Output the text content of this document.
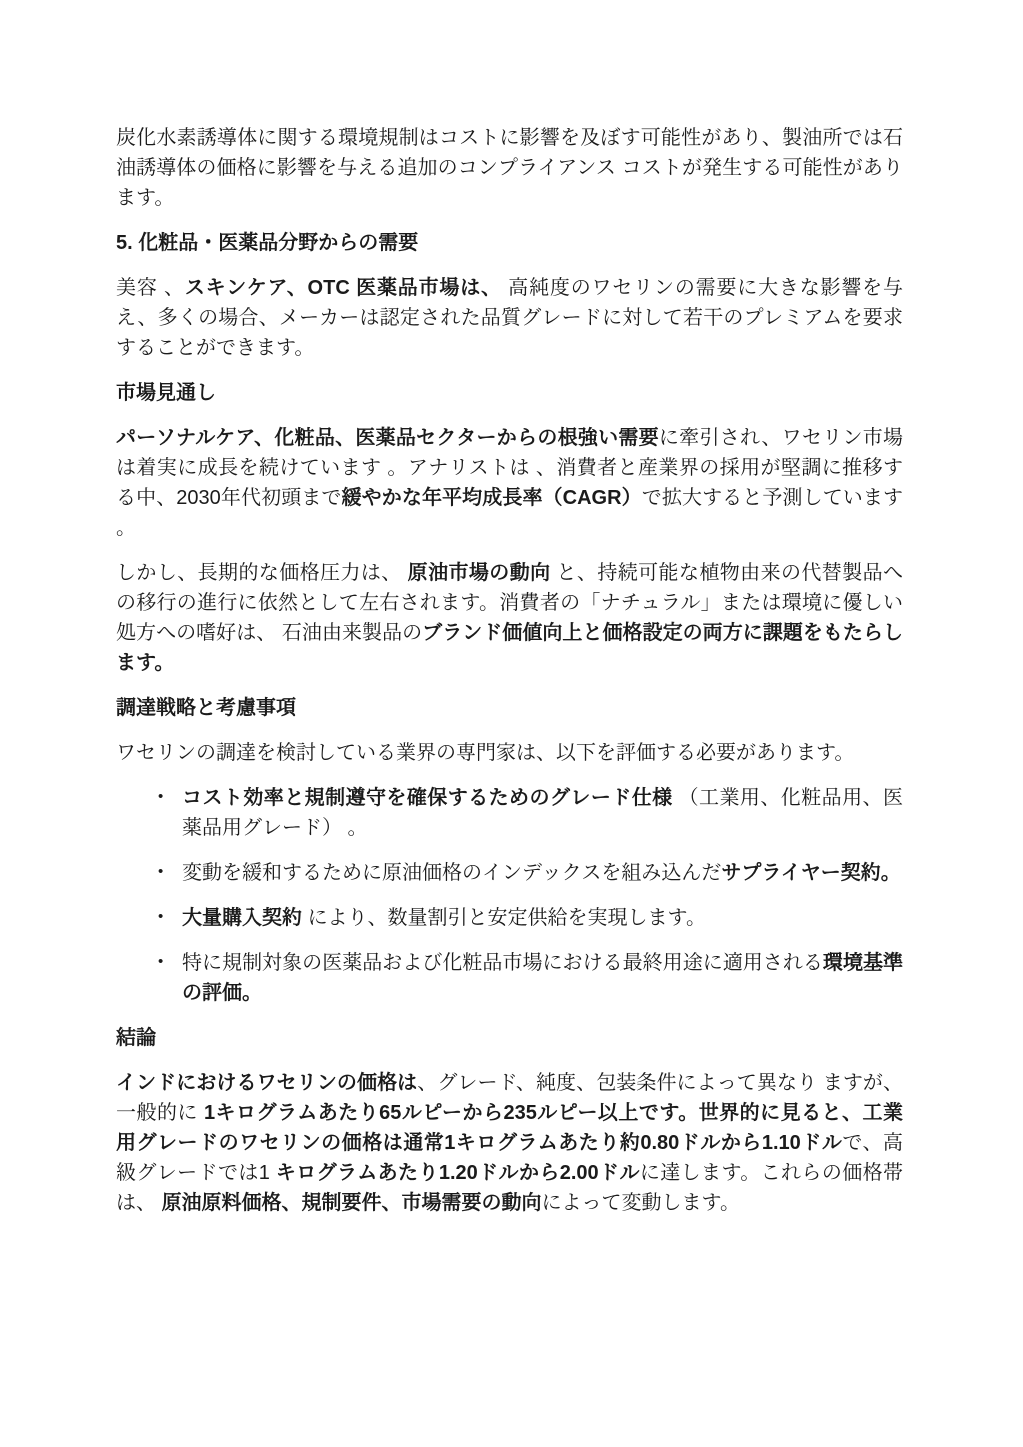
炭化水素誘導体に関する環境規制はコストに影響を及ぼす可能性があり、製油所では石油誘導体の価格に影響を与える追加のコンプライアンス コストが発生する可能性があります。
5. 化粧品・医薬品分野からの需要
美容 、スキンケア、OTC 医薬品市場は、 高純度のワセリンの需要に大きな影響を与え、多くの場合、メーカーは認定された品質グレードに対して若干のプレミアムを要求することができます。
市場見通し
パーソナルケア、化粧品、医薬品セクターからの根強い需要に牽引され、ワセリン市場は着実に成長を続けています 。アナリストは 、消費者と産業界の採用が堅調に推移する中、2030年代初頭まで緩やかな年平均成長率（CAGR）で拡大すると予測しています 。
しかし、長期的な価格圧力は、 原油市場の動向 と、持続可能な植物由来の代替製品への移行の進行に依然として左右されます。消費者の「ナチュラル」または環境に優しい処方への嗜好は、 石油由来製品のブランド価値向上と価格設定の両方に課題をもたらします。
調達戦略と考慮事項
ワセリンの調達を検討している業界の専門家は、以下を評価する必要があります。
• コスト効率と規制遵守を確保するためのグレード仕様 （工業用、化粧品用、医薬品用グレード） 。
• 変動を緩和するために原油価格のインデックスを組み込んだサプライヤー契約。
• 大量購入契約 により、数量割引と安定供給を実現します。
• 特に規制対象の医薬品および化粧品市場における最終用途に適用される環境基準の評価。
結論
インドにおけるワセリンの価格は、グレード、純度、包装条件によって異なり ますが、一般的に 1キログラムあたり65ルピーから235ルピー以上です。世界的に見ると、工業用グレードのワセリンの価格は通常1キログラムあたり約0.80ドルから1.10ドルで、高級グレードでは1 キログラムあたり1.20ドルから2.00ドルに達します。これらの価格帯は、 原油原料価格、規制要件、市場需要の動向によって変動します。
